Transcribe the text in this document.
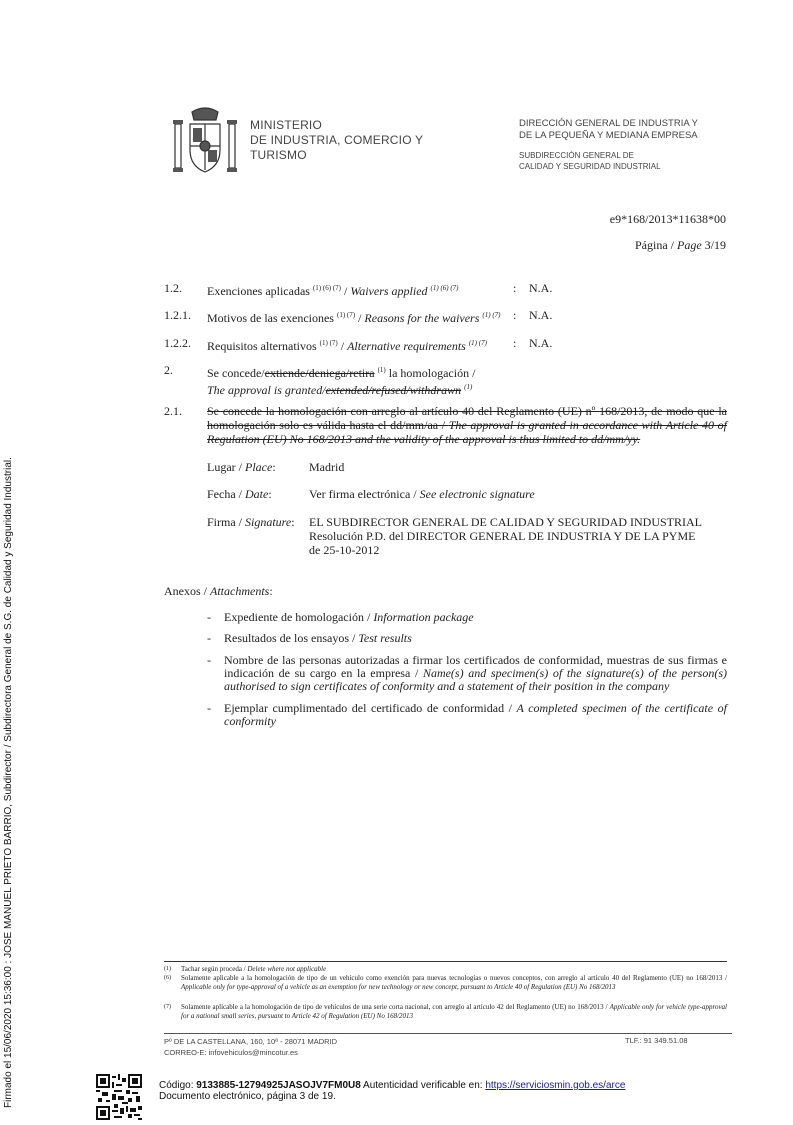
MINISTERIO
DE INDUSTRIA, COMERCIO Y
TURISMO
DIRECCIÓN GENERAL DE INDUSTRIA Y
DE LA PEQUEÑA Y MEDIANA EMPRESA
SUBDIRECCIÓN GENERAL DE
CALIDAD Y SEGURIDAD INDUSTRIAL
e9*168/2013*11638*00
Página / Page 3/19
1.2. Exenciones aplicadas $^{(1) (6) (7)}$ / Waivers applied $^{(1) (6) (7)}$	: N.A.
1.2.1. Motivos de las exenciones $^{(1) (7)}$ / Reasons for the waivers $^{(1) (7)}$ : N.A.
1.2.2. Requisitos alternativos $^{(1) (7)}$ / Alternative requirements $^{(1) (7)}$ : N.A.
2.	Se concede/extiende/deniega/retira $^{(1)}$ la homologación /
The approval is granted/extended/refused/withdrawn $^{(1)}$
2.1. Se concede la homologación con arreglo al artículo 40 del Reglamento (UE) nº 168/2013, de modo que la homologación solo es válida hasta el dd/mm/aa / The approval is granted in accordance with Article 40 of Regulation (EU) No 168/2013 and the validity of the approval is thus limited to dd/mm/yy.
Lugar / Place:	Madrid
Fecha / Date:	Ver firma electrónica / See electronic signature
Firma / Signature: EL SUBDIRECTOR GENERAL DE CALIDAD Y SEGURIDAD INDUSTRIAL
Resolución P.D. del DIRECTOR GENERAL DE INDUSTRIA Y DE LA PYME
de 25-10-2012
Anexos / Attachments:
- Expediente de homologación / Information package
- Resultados de los ensayos / Test results
- Nombre de las personas autorizadas a firmar los certificados de conformidad, muestras de sus firmas e indicación de su cargo en la empresa / Name(s) and specimen(s) of the signature(s) of the person(s) authorised to sign certificates of conformity and a statement of their position in the company
- Ejemplar cumplimentado del certificado de conformidad / A completed specimen of the certificate of conformity
(1) Tachar según proceda / Delete where not applicable
(6) Solamente aplicable a la homologación de tipo de un vehículo como exención para nuevas tecnologías o nuevos conceptos, con arreglo al artículo 40 del Reglamento (UE) no 168/2013 / Applicable only for type-approval of a vehicle as an exemption for new technology or new concept, pursuant to Article 40 of Regulation (EU) No 168/2013
(7) Solamente aplicable a la homologación de tipo de vehículos de una serie corta nacional, con arreglo al artículo 42 del Reglamento (UE) no 168/2013 / Applicable only for vehicle type-approval for a national small series, pursuant to Article 42 of Regulation (EU) No 168/2013
Pº DE LA CASTELLANA, 160, 10ª - 28071 MADRID
CORREO-E: infovehiculos@mincotur.es
TLF.: 91 349.51.08
Código: 9133885-12794925JASOJV7FM0U8 Autenticidad verificable en: https://serviciosmin.gob.es/arce
Documento electrónico, página 3 de 19.
Firmado el 15/06/2020 15:36:00 : JOSE MANUEL PRIETO BARRIO, Subdirector / Subdirectora General de S.G. de Calidad y Seguridad Industrial.
